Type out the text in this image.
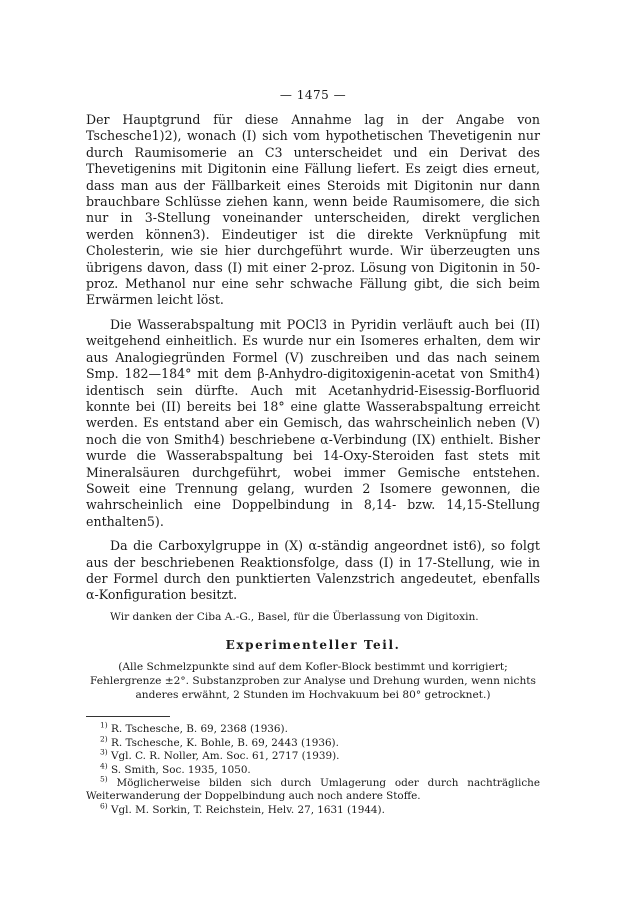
— 1475 —

Der Hauptgrund für diese Annahme lag in der Angabe von Tschesche1)2), wonach (I) sich vom hypothetischen Thevetigenin nur durch Raumisomerie an C3 unterscheidet und ein Derivat des Thevetigenins mit Digitonin eine Fällung liefert. Es zeigt dies erneut, dass man aus der Fällbarkeit eines Steroids mit Digitonin nur dann brauchbare Schlüsse ziehen kann, wenn beide Raumisomere, die sich nur in 3-Stellung voneinander unterscheiden, direkt verglichen werden können3). Eindeutiger ist die direkte Verknüpfung mit Cholesterin, wie sie hier durchgeführt wurde. Wir überzeugten uns übrigens davon, dass (I) mit einer 2-proz. Lösung von Digitonin in 50-proz. Methanol nur eine sehr schwache Fällung gibt, die sich beim Erwärmen leicht löst.

Die Wasserabspaltung mit POCl3 in Pyridin verläuft auch bei (II) weitgehend einheitlich. Es wurde nur ein Isomeres erhalten, dem wir aus Analogiegründen Formel (V) zuschreiben und das nach seinem Smp. 182—184° mit dem β-Anhydro-digitoxigenin-acetat von Smith4) identisch sein dürfte. Auch mit Acetanhydrid-Eisessig-Borfluorid konnte bei (II) bereits bei 18° eine glatte Wasserabspaltung erreicht werden. Es entstand aber ein Gemisch, das wahrscheinlich neben (V) noch die von Smith4) beschriebene α-Verbindung (IX) enthielt. Bisher wurde die Wasserabspaltung bei 14-Oxy-Steroiden fast stets mit Mineralsäuren durchgeführt, wobei immer Gemische entstehen. Soweit eine Trennung gelang, wurden 2 Isomere gewonnen, die wahrscheinlich eine Doppelbindung in 8,14- bzw. 14,15-Stellung enthalten5).

Da die Carboxylgruppe in (X) α-ständig angeordnet ist6), so folgt aus der beschriebenen Reaktionsfolge, dass (I) in 17-Stellung, wie in der Formel durch den punktierten Valenzstrich angedeutet, ebenfalls α-Konfiguration besitzt.

Wir danken der Ciba A.-G., Basel, für die Überlassung von Digitoxin.

Experimenteller Teil.

(Alle Schmelzpunkte sind auf dem Kofler-Block bestimmt und korrigiert; Fehlergrenze ±2°. Substanzproben zur Analyse und Drehung wurden, wenn nichts anderes erwähnt, 2 Stunden im Hochvakuum bei 80° getrocknet.)

$^{1)}$ R. Tschesche, B. 69, 2368 (1936).
$^{2)}$ R. Tschesche, K. Bohle, B. 69, 2443 (1936).
$^{3)}$ Vgl. C. R. Noller, Am. Soc. 61, 2717 (1939).
$^{4)}$ S. Smith, Soc. 1935, 1050.
$^{5)}$ Möglicherweise bilden sich durch Umlagerung oder durch nachträgliche Weiterwanderung der Doppelbindung auch noch andere Stoffe.
$^{6)}$ Vgl. M. Sorkin, T. Reichstein, Helv. 27, 1631 (1944).
